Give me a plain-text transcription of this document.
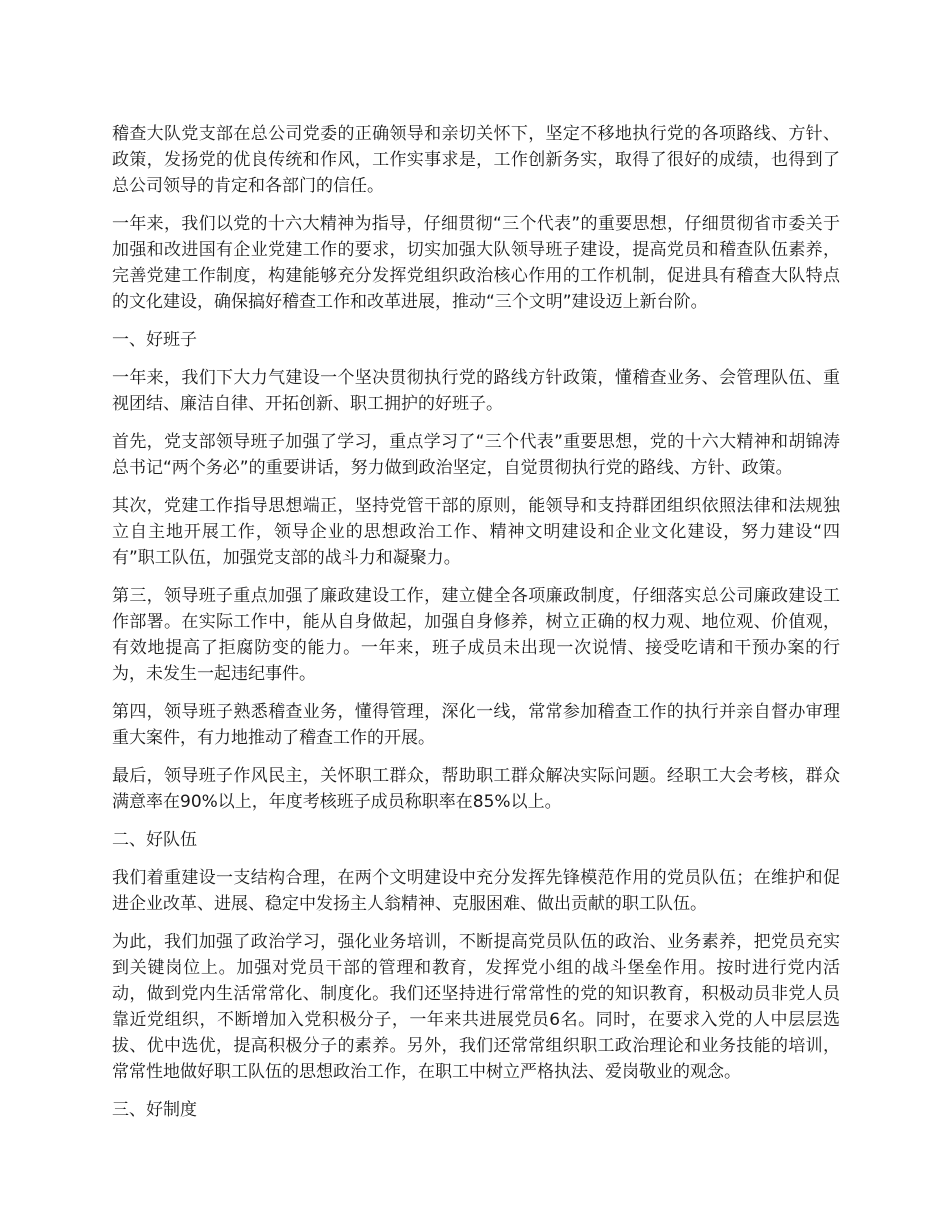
稽查大队党支部在总公司党委的正确领导和亲切关怀下，坚定不移地执行党的各项路线、方针、政策，发扬党的优良传统和作风，工作实事求是，工作创新务实，取得了很好的成绩，也得到了总公司领导的肯定和各部门的信任。

一年来，我们以党的十六大精神为指导，仔细贯彻“三个代表”的重要思想，仔细贯彻省市委关于加强和改进国有企业党建工作的要求，切实加强大队领导班子建设，提高党员和稽查队伍素养，完善党建工作制度，构建能够充分发挥党组织政治核心作用的工作机制，促进具有稽查大队特点的文化建设，确保搞好稽查工作和改革进展，推动“三个文明”建设迈上新台阶。

一、好班子

一年来，我们下大力气建设一个坚决贯彻执行党的路线方针政策，懂稽查业务、会管理队伍、重视团结、廉洁自律、开拓创新、职工拥护的好班子。

首先，党支部领导班子加强了学习，重点学习了“三个代表”重要思想，党的十六大精神和胡锦涛总书记“两个务必”的重要讲话，努力做到政治坚定，自觉贯彻执行党的路线、方针、政策。

其次，党建工作指导思想端正，坚持党管干部的原则，能领导和支持群团组织依照法律和法规独立自主地开展工作，领导企业的思想政治工作、精神文明建设和企业文化建设，努力建设“四有”职工队伍，加强党支部的战斗力和凝聚力。

第三，领导班子重点加强了廉政建设工作，建立健全各项廉政制度，仔细落实总公司廉政建设工作部署。在实际工作中，能从自身做起，加强自身修养，树立正确的权力观、地位观、价值观，有效地提高了拒腐防变的能力。一年来，班子成员未出现一次说情、接受吃请和干预办案的行为，未发生一起违纪事件。

第四，领导班子熟悉稽查业务，懂得管理，深化一线，常常参加稽查工作的执行并亲自督办审理重大案件，有力地推动了稽查工作的开展。

最后，领导班子作风民主，关怀职工群众，帮助职工群众解决实际问题。经职工大会考核，群众满意率在90%以上，年度考核班子成员称职率在85%以上。

二、好队伍

我们着重建设一支结构合理，在两个文明建设中充分发挥先锋模范作用的党员队伍；在维护和促进企业改革、进展、稳定中发扬主人翁精神、克服困难、做出贡献的职工队伍。

为此，我们加强了政治学习，强化业务培训，不断提高党员队伍的政治、业务素养，把党员充实到关键岗位上。加强对党员干部的管理和教育，发挥党小组的战斗堡垒作用。按时进行党内活动，做到党内生活常常化、制度化。我们还坚持进行常常性的党的知识教育，积极动员非党人员靠近党组织，不断增加入党积极分子，一年来共进展党员6名。同时，在要求入党的人中层层选拔、优中选优，提高积极分子的素养。另外，我们还常常组织职工政治理论和业务技能的培训，常常性地做好职工队伍的思想政治工作，在职工中树立严格执法、爱岗敬业的观念。

三、好制度
